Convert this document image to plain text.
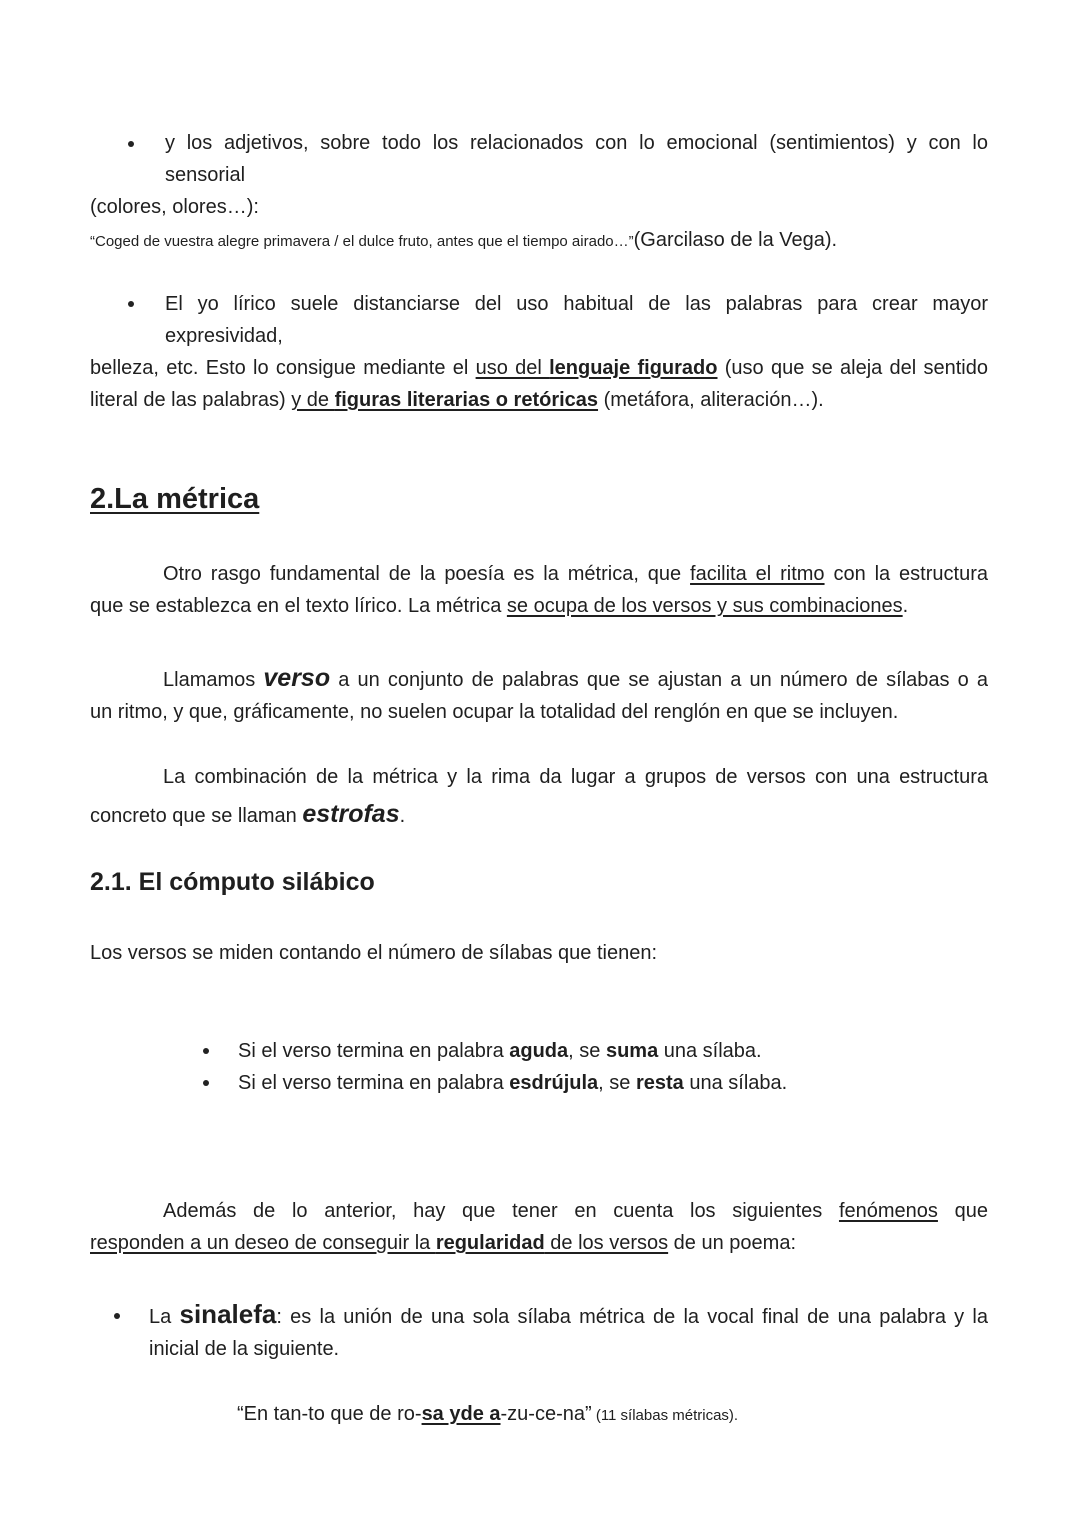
y los adjetivos, sobre todo los relacionados con lo emocional (sentimientos) y con lo

sensorial

(colores, olores…):

“Coged de vuestra alegre primavera / el dulce fruto, antes que el tiempo airado…”(Garcilaso de la Vega).

El yo lírico suele distanciarse del uso habitual de las palabras para crear mayor

expresividad,

belleza, etc. Esto lo consigue mediante el uso del lenguaje figurado (uso que se aleja del sentido

literal de las palabras) y de figuras literarias o retóricas (metáfora, aliteración…).

2.La métrica

Otro rasgo fundamental de la poesía es la métrica, que facilita el ritmo con la estructura

que se establezca en el texto lírico. La métrica se ocupa de los versos y sus combinaciones.

Llamamos verso a un conjunto de palabras que se ajustan a un número de sílabas o a

un ritmo, y que, gráficamente, no suelen ocupar la totalidad del renglón en que se incluyen.

La combinación de la métrica y la rima da lugar a grupos de versos con una estructura

concreto que se llaman estrofas.

2.1. El cómputo silábico

Los versos se miden contando el número de sílabas que tienen:

Si el verso termina en palabra aguda, se suma una sílaba.

Si el verso termina en palabra esdrújula, se resta una sílaba.

Además de lo anterior, hay que tener en cuenta los siguientes fenómenos que

responden a un deseo de conseguir la regularidad de los versos de un poema:

La sinalefa: es la unión de una sola sílaba métrica de la vocal final de una palabra y la

inicial de la siguiente.

“En tan-to que de ro-sa yde a-zu-ce-na” (11 sílabas métricas).
